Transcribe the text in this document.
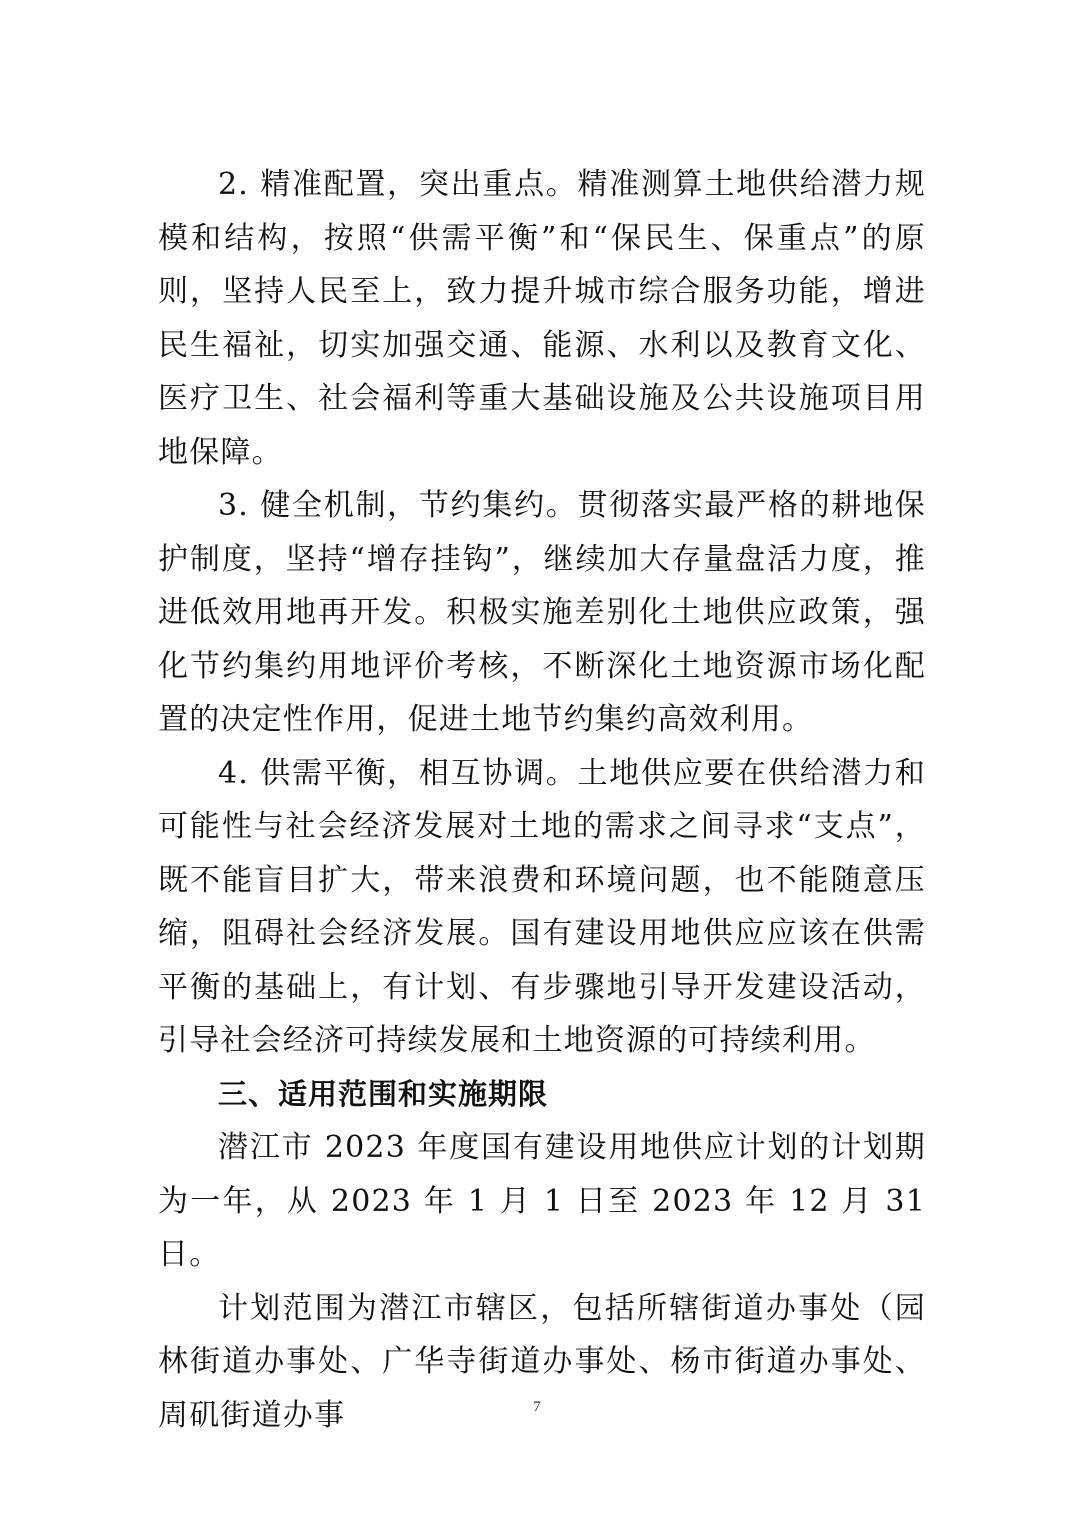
2. 精准配置，突出重点。精准测算土地供给潜力规模和结构，按照“供需平衡”和“保民生、保重点”的原则，坚持人民至上，致力提升城市综合服务功能，增进民生福祉，切实加强交通、能源、水利以及教育文化、医疗卫生、社会福利等重大基础设施及公共设施项目用地保障。

3. 健全机制，节约集约。贯彻落实最严格的耕地保护制度，坚持“增存挂钩”，继续加大存量盘活力度，推进低效用地再开发。积极实施差别化土地供应政策，强化节约集约用地评价考核，不断深化土地资源市场化配置的决定性作用，促进土地节约集约高效利用。

4. 供需平衡，相互协调。土地供应要在供给潜力和可能性与社会经济发展对土地的需求之间寻求“支点”，既不能盲目扩大，带来浪费和环境问题，也不能随意压缩，阻碍社会经济发展。国有建设用地供应应该在供需平衡的基础上，有计划、有步骤地引导开发建设活动，引导社会经济可持续发展和土地资源的可持续利用。

三、适用范围和实施期限

潜江市 2023 年度国有建设用地供应计划的计划期为一年，从 2023 年 1 月 1 日至 2023 年 12 月 31 日。

计划范围为潜江市辖区，包括所辖街道办事处（园林街道办事处、广华寺街道办事处、杨市街道办事处、周矶街道办事	7
